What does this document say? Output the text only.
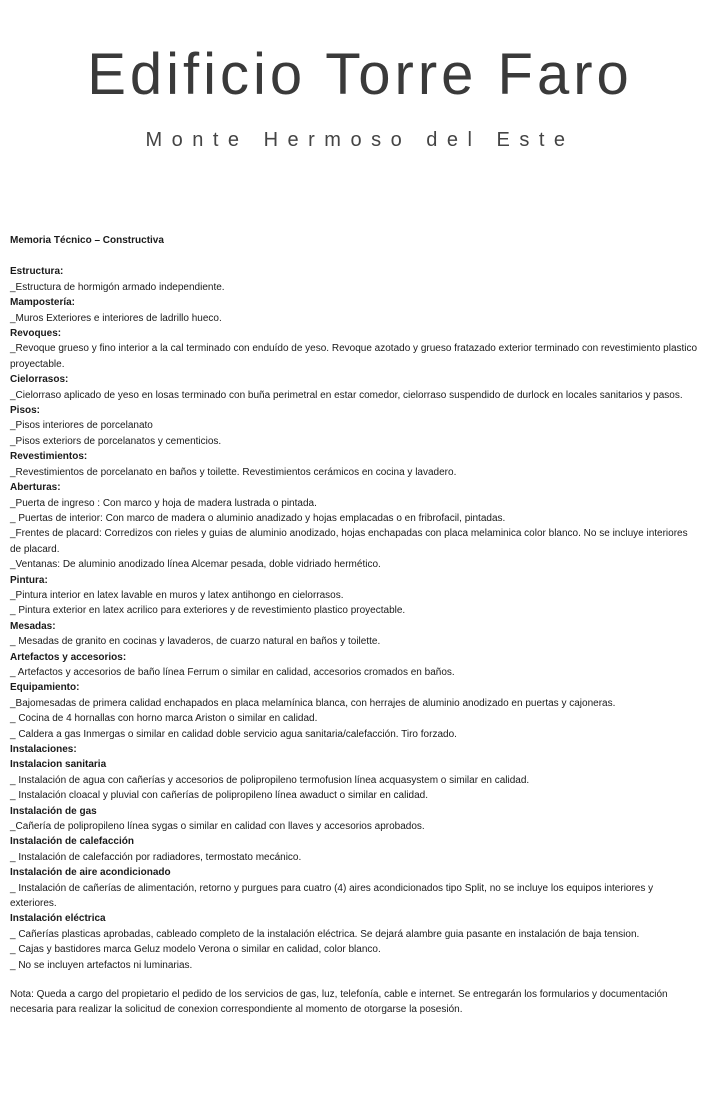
Edificio Torre Faro
Monte Hermoso del Este
Memoria Técnico – Constructiva
Estructura:
_Estructura de hormigón armado independiente.
Mampostería:
_Muros Exteriores e interiores de ladrillo hueco.
Revoques:
_Revoque grueso y fino interior a la cal terminado con enduído de yeso. Revoque azotado y grueso fratazado exterior terminado con revestimiento plastico proyectable.
Cielorrasos:
_Cielorraso aplicado de yeso en losas terminado con buña perimetral en estar comedor, cielorraso suspendido de durlock en locales sanitarios y pasos.
Pisos:
_Pisos interiores de porcelanato
_Pisos exteriors de porcelanatos y cementicios.
Revestimientos:
_Revestimientos de porcelanato en baños y toilette. Revestimientos cerámicos en cocina y lavadero.
Aberturas:
_Puerta de ingreso : Con marco y hoja de madera lustrada o pintada.
_ Puertas de interior: Con marco de madera o aluminio anadizado y hojas emplacadas o en fribrofacil, pintadas.
_Frentes de placard: Corredizos con rieles y guias de aluminio anodizado, hojas enchapadas con placa melaminica color blanco. No se incluye interiores de placard.
_Ventanas: De aluminio anodizado línea Alcemar pesada, doble vidriado hermético.
Pintura:
_Pintura interior en latex lavable en muros y latex antihongo en cielorrasos.
_ Pintura exterior en latex acrilico para exteriores y de revestimiento plastico proyectable.
Mesadas:
_ Mesadas de granito en cocinas y lavaderos, de cuarzo natural en baños y toilette.
Artefactos y accesorios:
_ Artefactos y accesorios de baño línea Ferrum o similar en calidad, accesorios cromados en baños.
Equipamiento:
_Bajomesadas de primera calidad enchapados en placa melamínica blanca, con herrajes de aluminio anodizado en puertas y cajoneras.
_ Cocina de 4 hornallas con horno marca Ariston o similar en calidad.
_ Caldera a gas Inmergas o similar en calidad doble servicio agua sanitaria/calefacción. Tiro forzado.
Instalaciones:
Instalacion sanitaria
_ Instalación de agua con cañerías y accesorios de polipropileno termofusion línea acquasystem o similar en calidad.
_ Instalación cloacal y pluvial con cañerías de polipropileno línea awaduct o similar en calidad.
Instalación de gas
_Cañería de polipropileno línea sygas o similar en calidad con llaves y accesorios aprobados.
Instalación de calefacción
_ Instalación de calefacción por radiadores, termostato mecánico.
Instalación de aire acondicionado
_ Instalación de cañerías de alimentación, retorno y purgues para cuatro (4) aires acondicionados tipo Split, no se incluye los equipos interiores y exteriores.
Instalación eléctrica
_ Cañerías plasticas aprobadas, cableado completo de la instalación eléctrica. Se dejará alambre guia pasante en instalación de baja tension.
_ Cajas y bastidores marca Geluz modelo Verona o similar en calidad, color blanco.
_ No se incluyen artefactos ni luminarias.
Nota: Queda a cargo del propietario el pedido de los servicios de gas, luz, telefonía, cable e internet. Se entregarán los formularios y documentación necesaria para realizar la solicitud de conexion correspondiente al momento de otorgarse la posesión.
